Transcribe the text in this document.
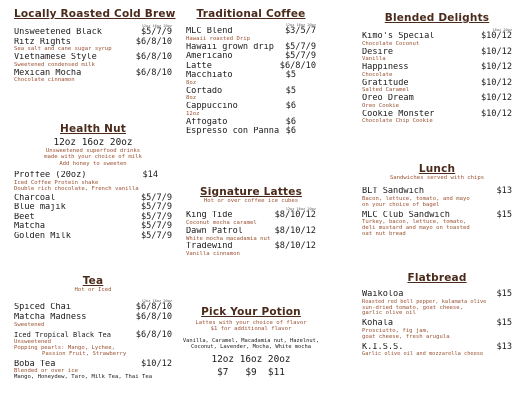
Locally Roasted Cold Brew
12oz 16oz 20oz
Unsweetened Black	$5/7/9
Ritz Rights	$6/8/10
Sea salt and cane sugar syrup
Vietnamese Style	$6/8/10
Sweetened condensed milk
Mexican Mocha	$6/8/10
Chocolate cinnamon
Health Nut
12oz 16oz 20oz
Unsweetened superfood drinks
made with your choice of milk
Add honey to sweeten
Proffee (20oz)	$14
Iced Coffee Protein shake
Double rich chocolate, French vanilla
Charcoal	$5/7/9
Blue majik	$5/7/9
Beet	$5/7/9
Matcha	$5/7/9
Golden Milk	$5/7/9
Tea
Hot or Iced
12oz 16oz 20oz
Spiced Chai	$6/8/10
Matcha Madness	$6/8/10
Sweetened
Iced Tropical Black Tea	$6/8/10
Unsweetened
Popping pearls: Mango, Lychee,
Passion Fruit, Strawberry
Boba Tea	$10/12
Blended or over ice
Mango, Honeydew, Taro, Milk Tea, Thai Tea
Traditional Coffee
12oz 16oz 20oz
MLC Blend	$3/5/7
Hawaii roasted Drip
Hawaii grown drip	$5/7/9
Americano	$5/7/9
Latte	$6/8/10
Macchiato	$5
8oz
Cortado	$5
8oz
Cappuccino	$6
12oz
Affogato	$6
Espresso con Panna $6
Signature Lattes
Hot or over coffee ice cubes
12oz 16oz 20oz
King Tide	$8/10/12
Coconut mocha caramel
Dawn Patrol	$8/10/12
White mocha macadamia nut
Tradewind	$8/10/12
Vanilla cinnamon
Pick Your Potion
Lattes with your choice of flavor
$1 for additional flavor
Vanilla, Caramel, Macadamia nut, Hazelnut,
Coconut, Lavender, Mocha, White mocha
12oz 16oz 20oz
$7   $9  $11
Blended Delights
16oz 20oz
Kimo's Special	$10/12
Chocolate Coconut
Desire	$10/12
Vanilla
Happiness	$10/12
Chocolate
Gratitude	$10/12
Salted Caramel
Oreo Dream	$10/12
Oreo Cookie
Cookie Monster	$10/12
Chocolate Chip Cookie
Lunch
Sandwiches served with chips
BLT Sandwich	$13
Bacon, lettuce, tomato, and mayo
on your choice of bagel
MLC Club Sandwich	$15
Turkey, bacon, lettuce, tomato,
deli mustard and mayo on toasted
oat nut bread
Flatbread
Waikoloa	$15
Roasted red bell pepper, kalamata olive
sun-dried tomato, goat cheese,
garlic olive oil
Kohala	$15
Prosciutto, fig jam,
goat cheese, fresh arugula
K.I.S.S.	$13
Garlic olive oil and mozzarella cheese
